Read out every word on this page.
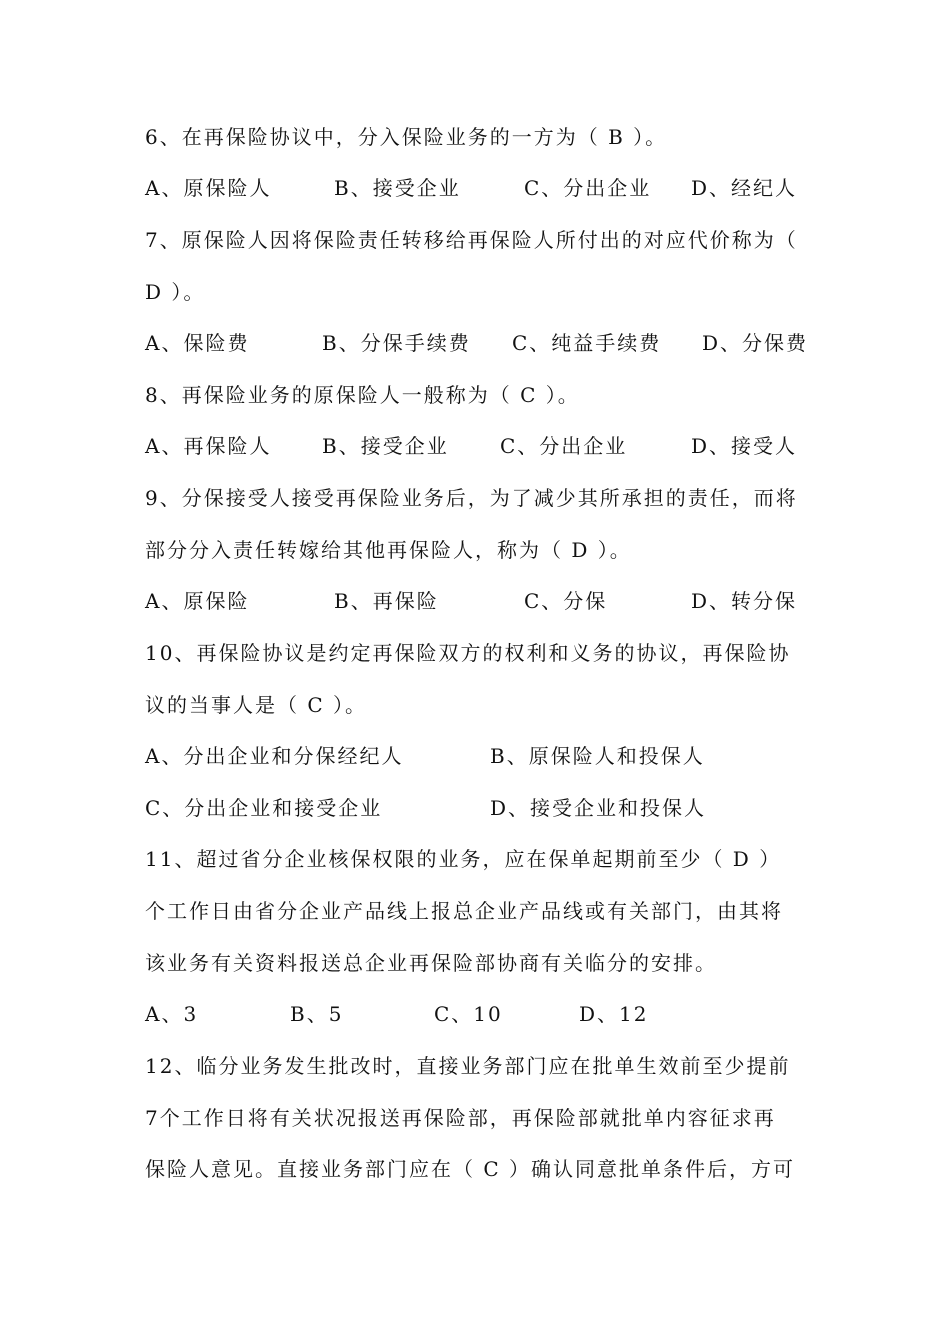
6、在再保险协议中，分入保险业务的一方为（ B ）。
A、原保险人	B、接受企业	C、分出企业 D、经纪人
7、原保险人因将保险责任转移给再保险人所付出的对应代价称为（
D ）。
A、保险费	B、分保手续费 C、纯益手续费 D、分保费
8、再保险业务的原保险人一般称为（ C ）。
A、再保险人	B、接受企业	C、分出企业	D、接受人
9、分保接受人接受再保险业务后，为了减少其所承担的责任，而将
部分分入责任转嫁给其他再保险人，称为（ D ）。
A、原保险	B、再保险	C、分保	D、转分保
10、再保险协议是约定再保险双方的权利和义务的协议，再保险协
议的当事人是（ C ）。
A、分出企业和分保经纪人	B、原保险人和投保人
C、分出企业和接受企业	D、接受企业和投保人
11、超过省分企业核保权限的业务，应在保单起期前至少（ D ）
个工作日由省分企业产品线上报总企业产品线或有关部门，由其将
该业务有关资料报送总企业再保险部协商有关临分的安排。
A、3	B、5	C、10	D、12
12、临分业务发生批改时，直接业务部门应在批单生效前至少提前
7个工作日将有关状况报送再保险部，再保险部就批单内容征求再
保险人意见。直接业务部门应在（ C ）确认同意批单条件后，方可
